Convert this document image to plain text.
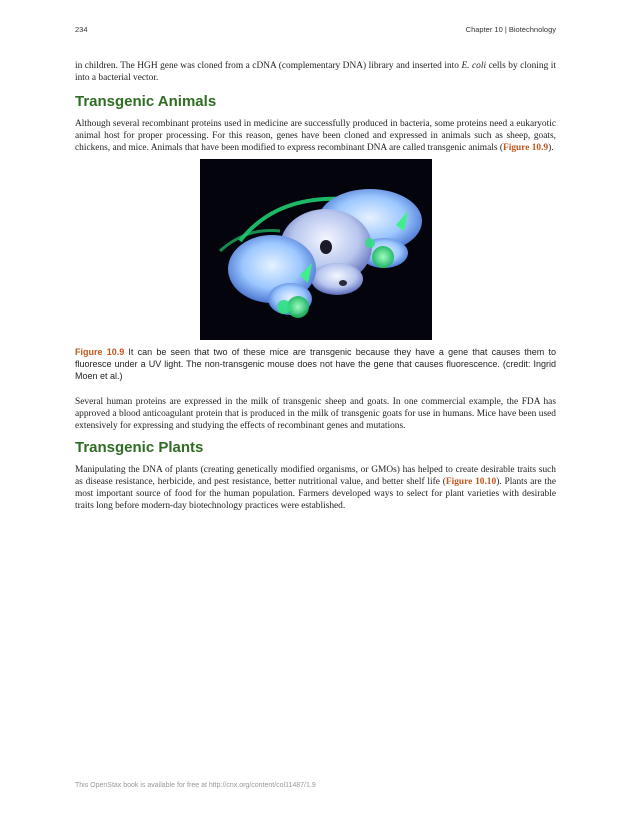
234	Chapter 10 | Biotechnology

in children. The HGH gene was cloned from a cDNA (complementary DNA) library and inserted into E. coli cells by cloning it into a bacterial vector.

Transgenic Animals

Although several recombinant proteins used in medicine are successfully produced in bacteria, some proteins need a eukaryotic animal host for proper processing. For this reason, genes have been cloned and expressed in animals such as sheep, goats, chickens, and mice. Animals that have been modified to express recombinant DNA are called transgenic animals (Figure 10.9).

Figure 10.9 It can be seen that two of these mice are transgenic because they have a gene that causes them to fluoresce under a UV light. The non-transgenic mouse does not have the gene that causes fluorescence. (credit: Ingrid Moen et al.)

Several human proteins are expressed in the milk of transgenic sheep and goats. In one commercial example, the FDA has approved a blood anticoagulant protein that is produced in the milk of transgenic goats for use in humans. Mice have been used extensively for expressing and studying the effects of recombinant genes and mutations.

Transgenic Plants

Manipulating the DNA of plants (creating genetically modified organisms, or GMOs) has helped to create desirable traits such as disease resistance, herbicide, and pest resistance, better nutritional value, and better shelf life (Figure 10.10). Plants are the most important source of food for the human population. Farmers developed ways to select for plant varieties with desirable traits long before modern-day biotechnology practices were established.

This OpenStax book is available for free at http://cnx.org/content/col11487/1.9
